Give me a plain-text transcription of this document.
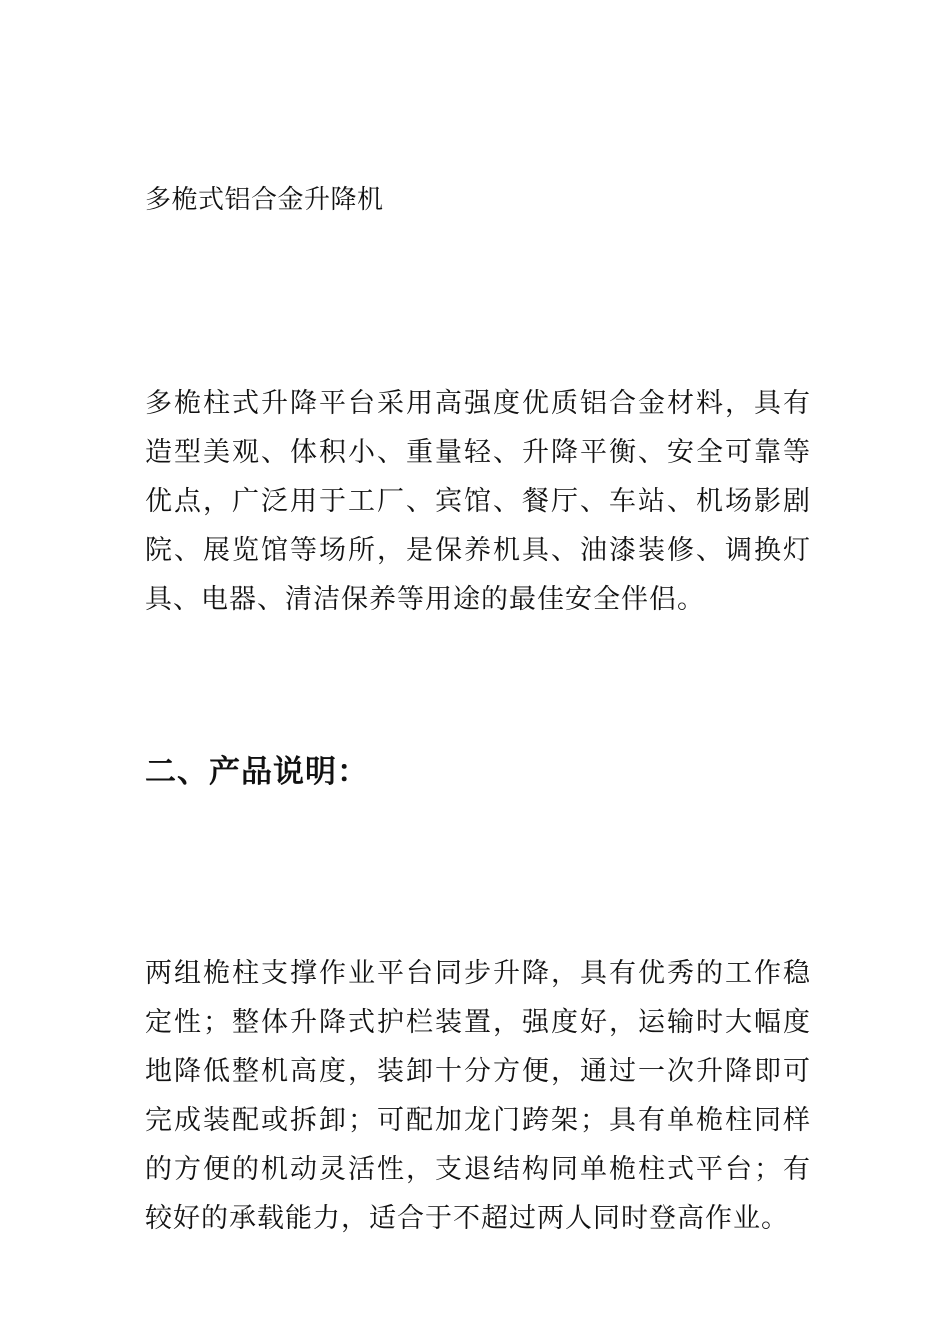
多桅式铝合金升降机

多桅柱式升降平台采用高强度优质铝合金材料，具有造型美观、体积小、重量轻、升降平衡、安全可靠等优点，广泛用于工厂、宾馆、餐厅、车站、机场影剧院、展览馆等场所，是保养机具、油漆装修、调换灯具、电器、清洁保养等用途的最佳安全伴侣。

二、产品说明：

两组桅柱支撑作业平台同步升降，具有优秀的工作稳定性；整体升降式护栏装置，强度好，运输时大幅度地降低整机高度，装卸十分方便，通过一次升降即可完成装配或拆卸；可配加龙门跨架；具有单桅柱同样的方便的机动灵活性，支退结构同单桅柱式平台；有较好的承载能力，适合于不超过两人同时登高作业。
